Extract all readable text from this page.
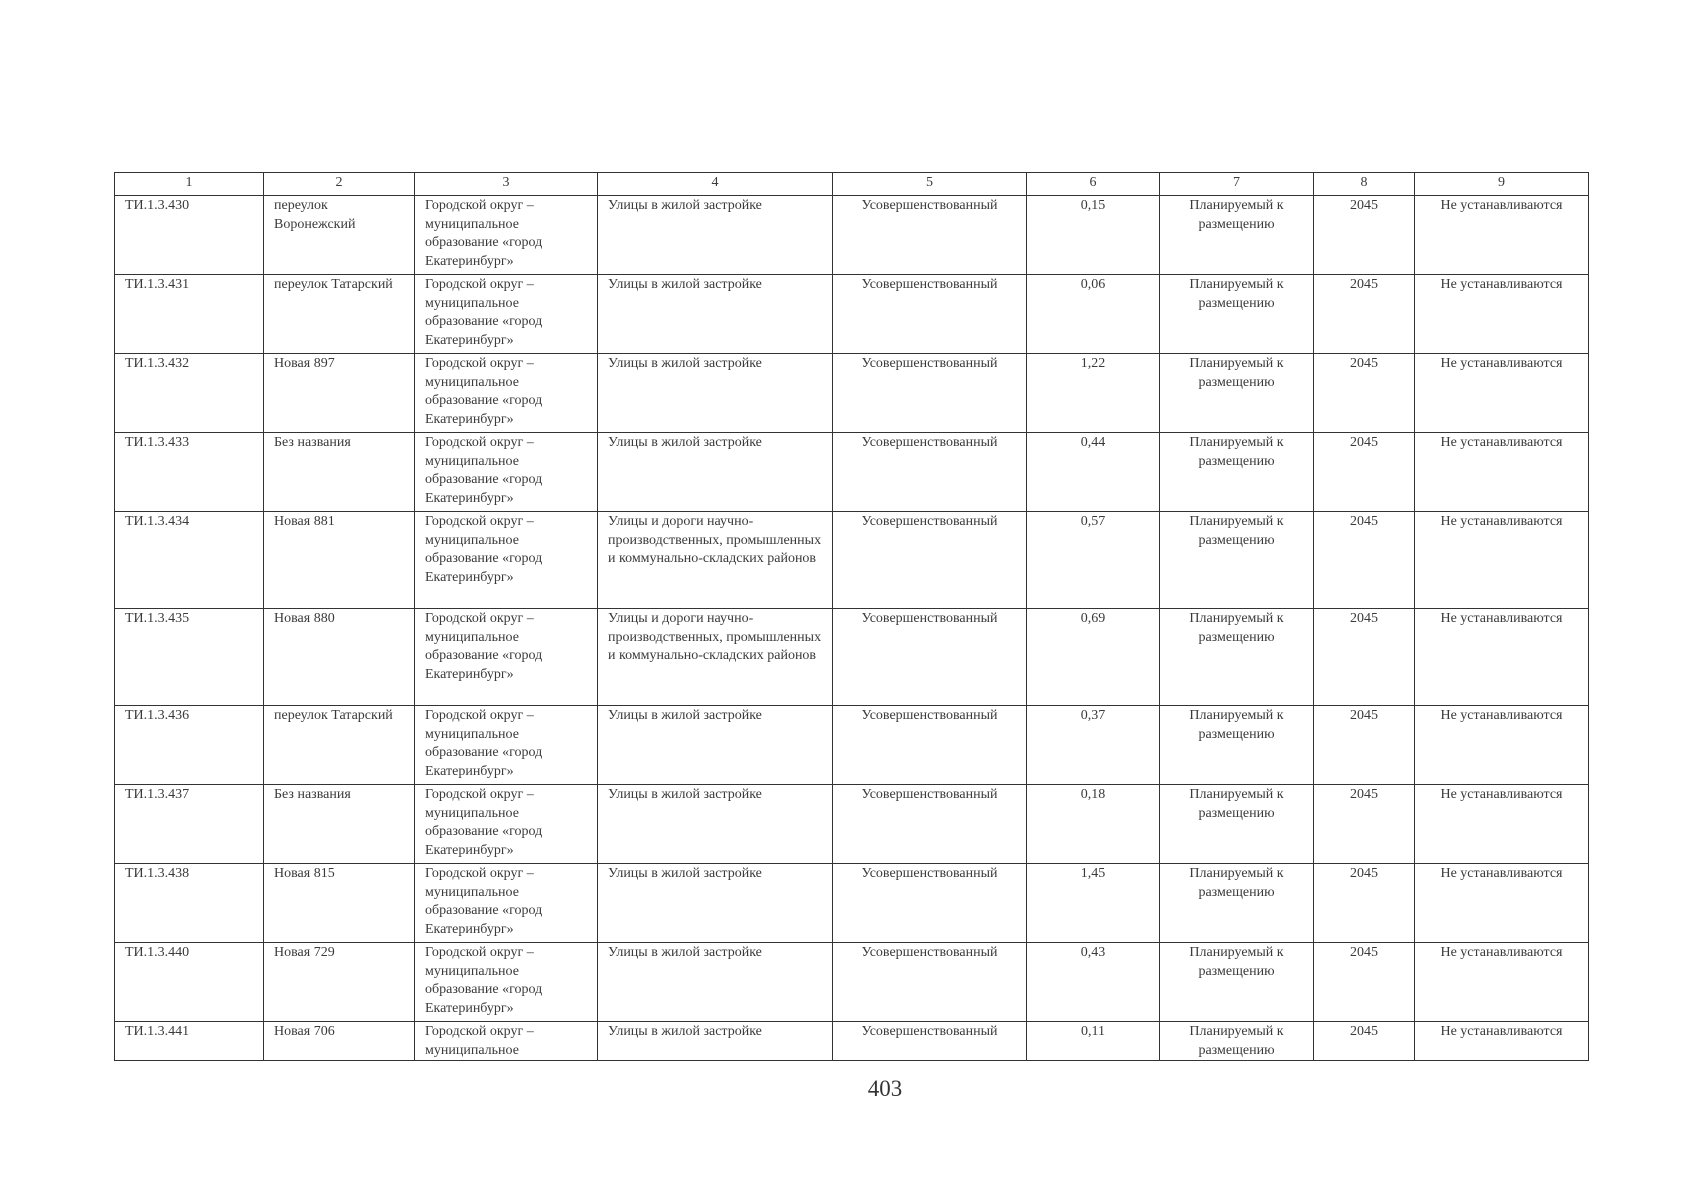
1	2	3	4	5	6	7	8	9
ТИ.1.3.430	переулок Воронежский	Городской округ – муниципальное образование «город Екатеринбург»	Улицы в жилой застройке	Усовершенствованный	0,15	Планируемый к размещению	2045	Не устанавливаются
ТИ.1.3.431	переулок Татарский	Городской округ – муниципальное образование «город Екатеринбург»	Улицы в жилой застройке	Усовершенствованный	0,06	Планируемый к размещению	2045	Не устанавливаются
ТИ.1.3.432	Новая 897	Городской округ – муниципальное образование «город Екатеринбург»	Улицы в жилой застройке	Усовершенствованный	1,22	Планируемый к размещению	2045	Не устанавливаются
ТИ.1.3.433	Без названия	Городской округ – муниципальное образование «город Екатеринбург»	Улицы в жилой застройке	Усовершенствованный	0,44	Планируемый к размещению	2045	Не устанавливаются
ТИ.1.3.434	Новая 881	Городской округ – муниципальное образование «город Екатеринбург»	Улицы и дороги научно-производственных, промышленных и коммунально-складских районов	Усовершенствованный	0,57	Планируемый к размещению	2045	Не устанавливаются
ТИ.1.3.435	Новая 880	Городской округ – муниципальное образование «город Екатеринбург»	Улицы и дороги научно-производственных, промышленных и коммунально-складских районов	Усовершенствованный	0,69	Планируемый к размещению	2045	Не устанавливаются
ТИ.1.3.436	переулок Татарский	Городской округ – муниципальное образование «город Екатеринбург»	Улицы в жилой застройке	Усовершенствованный	0,37	Планируемый к размещению	2045	Не устанавливаются
ТИ.1.3.437	Без названия	Городской округ – муниципальное образование «город Екатеринбург»	Улицы в жилой застройке	Усовершенствованный	0,18	Планируемый к размещению	2045	Не устанавливаются
ТИ.1.3.438	Новая 815	Городской округ – муниципальное образование «город Екатеринбург»	Улицы в жилой застройке	Усовершенствованный	1,45	Планируемый к размещению	2045	Не устанавливаются
ТИ.1.3.440	Новая 729	Городской округ – муниципальное образование «город Екатеринбург»	Улицы в жилой застройке	Усовершенствованный	0,43	Планируемый к размещению	2045	Не устанавливаются
ТИ.1.3.441	Новая 706	Городской округ – муниципальное	Улицы в жилой застройке	Усовершенствованный	0,11	Планируемый к размещению	2045	Не устанавливаются
403
